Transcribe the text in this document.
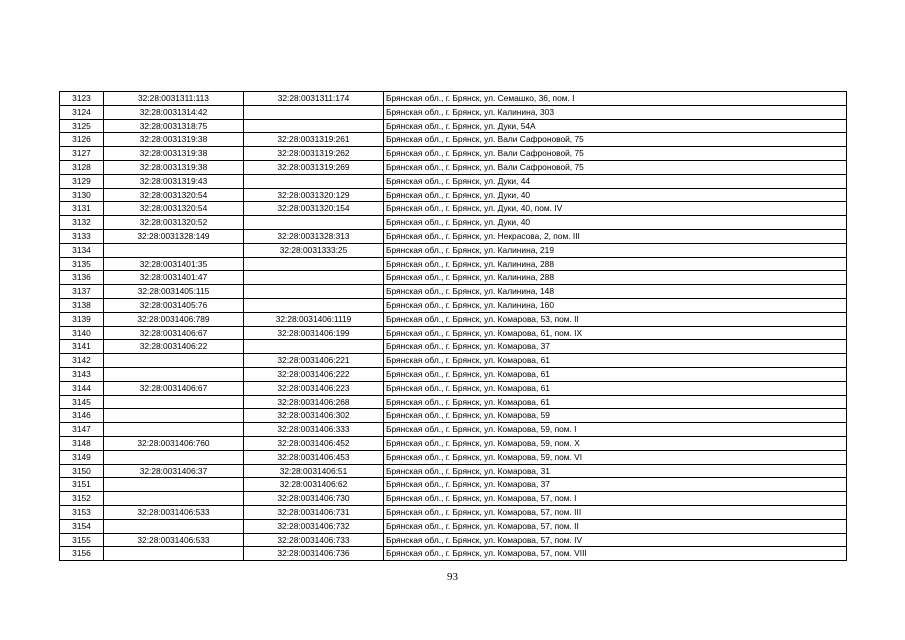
3123	32:28:0031311:113	32:28:0031311:174	Брянская обл., г. Брянск, ул. Семашко, 36, пом. I
3124	32:28:0031314:42		Брянская обл., г. Брянск, ул. Калинина, 303
3125	32:28:0031318:75		Брянская обл., г. Брянск, ул. Дуки, 54А
3126	32:28:0031319:38	32:28:0031319:261	Брянская обл., г. Брянск, ул. Вали Сафроновой, 75
3127	32:28:0031319:38	32:28:0031319:262	Брянская обл., г. Брянск, ул. Вали Сафроновой, 75
3128	32:28:0031319:38	32:28:0031319:269	Брянская обл., г. Брянск, ул. Вали Сафроновой, 75
3129	32:28:0031319:43		Брянская обл., г. Брянск, ул. Дуки, 44
3130	32:28:0031320:54	32:28:0031320:129	Брянская обл., г. Брянск, ул. Дуки, 40
3131	32:28:0031320:54	32:28:0031320:154	Брянская обл., г. Брянск, ул. Дуки, 40, пом. IV
3132	32:28:0031320:52		Брянская обл., г. Брянск, ул. Дуки, 40
3133	32:28:0031328:149	32:28:0031328:313	Брянская обл., г. Брянск, ул. Некрасова, 2, пом. III
3134		32:28:0031333:25	Брянская обл., г. Брянск, ул. Калинина, 219
3135	32:28:0031401:35		Брянская обл., г. Брянск, ул. Калинина, 288
3136	32:28:0031401:47		Брянская обл., г. Брянск, ул. Калинина, 288
3137	32:28:0031405:115		Брянская обл., г. Брянск, ул. Калинина, 148
3138	32:28:0031405:76		Брянская обл., г. Брянск, ул. Калинина, 160
3139	32:28:0031406:789	32:28:0031406:1119	Брянская обл., г. Брянск, ул. Комарова, 53, пом. II
3140	32:28:0031406:67	32:28:0031406:199	Брянская обл., г. Брянск, ул. Комарова, 61, пом. IX
3141	32:28:0031406:22		Брянская обл., г. Брянск, ул. Комарова, 37
3142		32:28:0031406:221	Брянская обл., г. Брянск, ул. Комарова, 61
3143		32:28:0031406:222	Брянская обл., г. Брянск, ул. Комарова, 61
3144	32:28:0031406:67	32:28:0031406:223	Брянская обл., г. Брянск, ул. Комарова, 61
3145		32:28:0031406:268	Брянская обл., г. Брянск, ул. Комарова, 61
3146		32:28:0031406:302	Брянская обл., г. Брянск, ул. Комарова, 59
3147		32:28:0031406:333	Брянская обл., г. Брянск, ул. Комарова, 59, пом. I
3148	32:28:0031406:760	32:28:0031406:452	Брянская обл., г. Брянск, ул. Комарова, 59, пом. X
3149		32:28:0031406:453	Брянская обл., г. Брянск, ул. Комарова, 59, пом. VI
3150	32:28:0031406:37	32:28:0031406:51	Брянская обл., г. Брянск, ул. Комарова, 31
3151		32:28:0031406:62	Брянская обл., г. Брянск, ул. Комарова, 37
3152		32:28:0031406:730	Брянская обл., г. Брянск, ул. Комарова, 57, пом. I
3153	32:28:0031406:533	32:28:0031406:731	Брянская обл., г. Брянск, ул. Комарова, 57, пом. III
3154		32:28:0031406:732	Брянская обл., г. Брянск, ул. Комарова, 57, пом. II
3155	32:28:0031406:533	32:28:0031406:733	Брянская обл., г. Брянск, ул. Комарова, 57, пом. IV
3156		32:28:0031406:736	Брянская обл., г. Брянск, ул. Комарова, 57, пом. VIII
93
